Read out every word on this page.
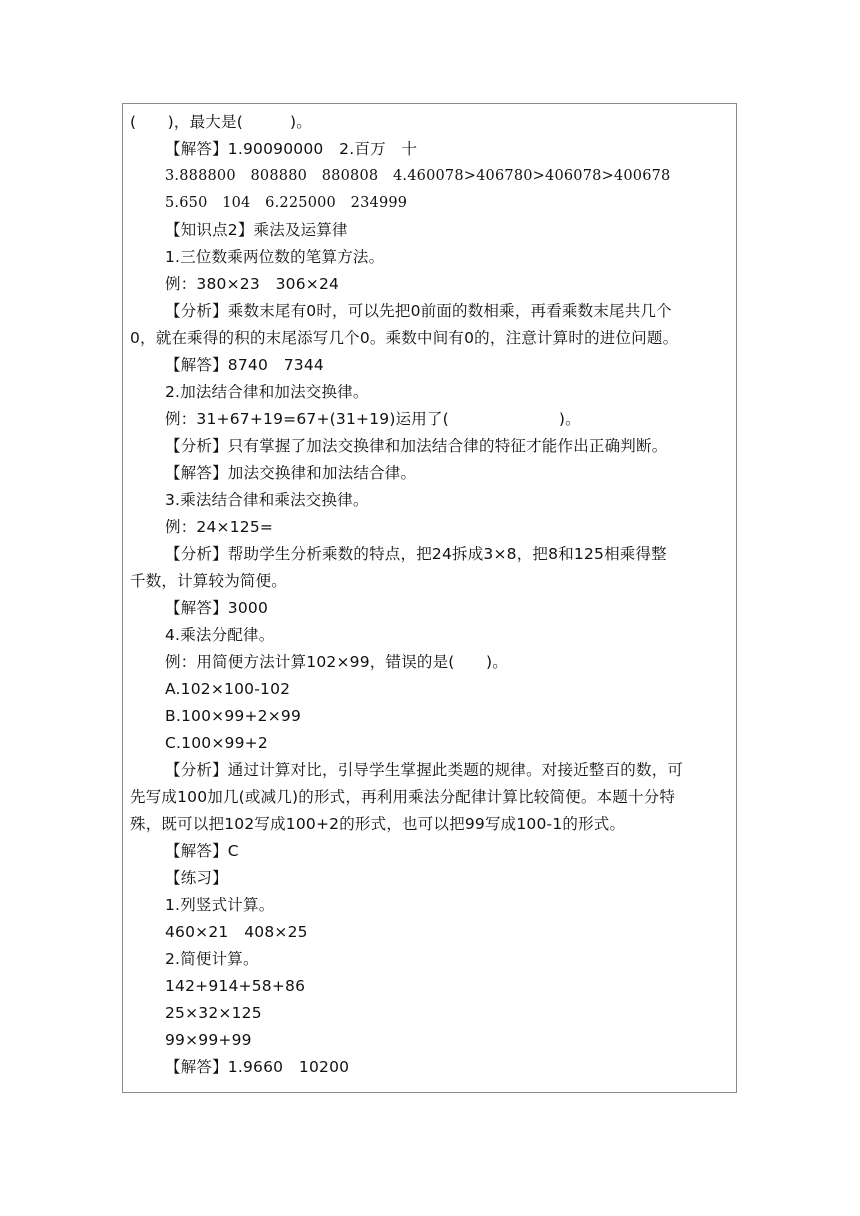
(　　)，最大是(　　　)。
【解答】1.90090000　2.百万　十
3.888800　808880　880808　4.460078>406780>406078>400678
5.650　104　6.225000　234999
【知识点2】乘法及运算律
1.三位数乘两位数的笔算方法。
例：380×23　306×24
【分析】乘数末尾有0时，可以先把0前面的数相乘，再看乘数末尾共几个
0，就在乘得的积的末尾添写几个0。乘数中间有0的，注意计算时的进位问题。
【解答】8740　7344
2.加法结合律和加法交换律。
例：31+67+19=67+(31+19)运用了(　　　　　　　)。
【分析】只有掌握了加法交换律和加法结合律的特征才能作出正确判断。
【解答】加法交换律和加法结合律。
3.乘法结合律和乘法交换律。
例：24×125=
【分析】帮助学生分析乘数的特点，把24拆成3×8，把8和125相乘得整
千数，计算较为简便。
【解答】3000
4.乘法分配律。
例：用简便方法计算102×99，错误的是(　　)。
A.102×100-102
B.100×99+2×99
C.100×99+2
【分析】通过计算对比，引导学生掌握此类题的规律。对接近整百的数，可
先写成100加几(或减几)的形式，再利用乘法分配律计算比较简便。本题十分特
殊，既可以把102写成100+2的形式，也可以把99写成100-1的形式。
【解答】C
【练习】
1.列竖式计算。
460×21　408×25
2.简便计算。
142+914+58+86
25×32×125
99×99+99
【解答】1.9660　10200
